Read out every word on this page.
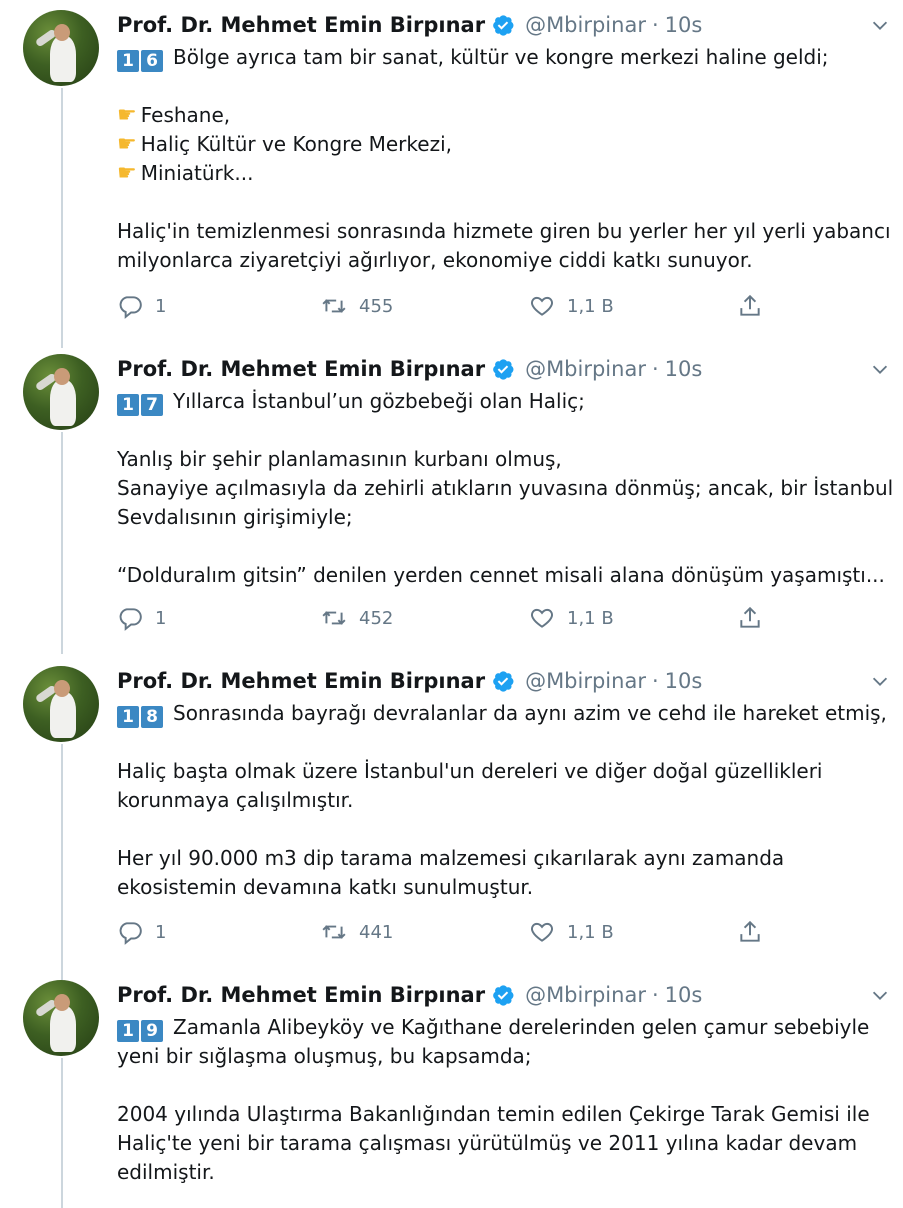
Prof. Dr. Mehmet Emin Birpınar @Mbirpinar · 10s
1 6 Bölge ayrıca tam bir sanat, kültür ve kongre merkezi haline geldi;
☛ Feshane,
☛ Haliç Kültür ve Kongre Merkezi,
☛ Miniatürk...
Haliç'in temizlenmesi sonrasında hizmete giren bu yerler her yıl yerli yabancı
milyonlarca ziyaretçiyi ağırlıyor, ekonomiye ciddi katkı sunuyor.
1	455	1,1 B
Prof. Dr. Mehmet Emin Birpınar @Mbirpinar · 10s
1 7 Yıllarca İstanbul’un gözbebeği olan Haliç;
Yanlış bir şehir planlamasının kurbanı olmuş,
Sanayiye açılmasıyla da zehirli atıkların yuvasına dönmüş; ancak, bir İstanbul
Sevdalısının girişimiyle;
“Dolduralım gitsin” denilen yerden cennet misali alana dönüşüm yaşamıştı...
1	452	1,1 B
Prof. Dr. Mehmet Emin Birpınar @Mbirpinar · 10s
1 8 Sonrasında bayrağı devralanlar da aynı azim ve cehd ile hareket etmiş,
Haliç başta olmak üzere İstanbul'un dereleri ve diğer doğal güzellikleri
korunmaya çalışılmıştır.
Her yıl 90.000 m3 dip tarama malzemesi çıkarılarak aynı zamanda
ekosistemin devamına katkı sunulmuştur.
1	441	1,1 B
Prof. Dr. Mehmet Emin Birpınar @Mbirpinar · 10s
1 9 Zamanla Alibeyköy ve Kağıthane derelerinden gelen çamur sebebiyle
yeni bir sığlaşma oluşmuş, bu kapsamda;
2004 yılında Ulaştırma Bakanlığından temin edilen Çekirge Tarak Gemisi ile
Haliç'te yeni bir tarama çalışması yürütülmüş ve 2011 yılına kadar devam
edilmiştir.
